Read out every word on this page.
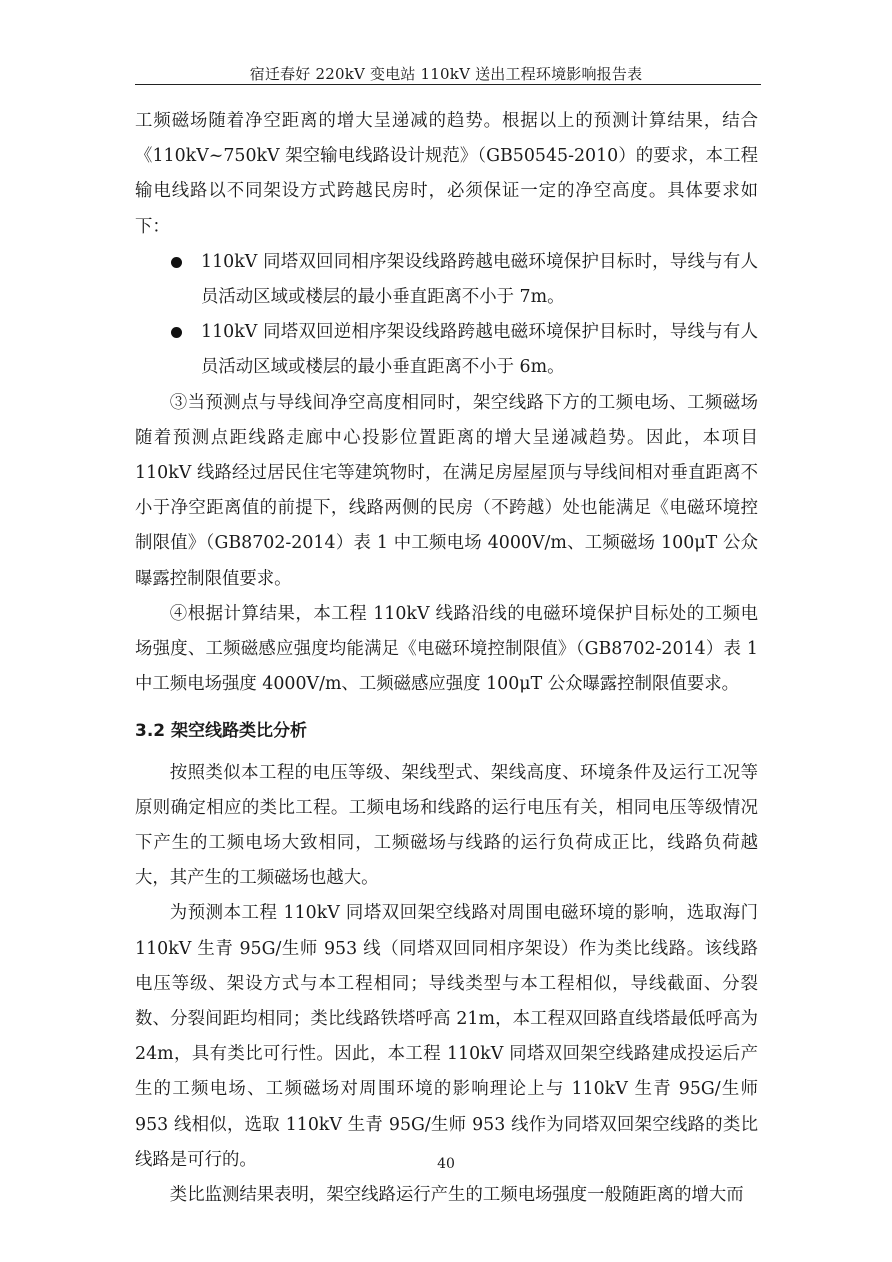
宿迁春好 220kV 变电站 110kV 送出工程环境影响报告表

工频磁场随着净空距离的增大呈递减的趋势。根据以上的预测计算结果，结合《110kV~750kV 架空输电线路设计规范》（GB50545-2010）的要求，本工程输电线路以不同架设方式跨越民房时，必须保证一定的净空高度。具体要求如下：

110kV 同塔双回同相序架设线路跨越电磁环境保护目标时，导线与有人员活动区域或楼层的最小垂直距离不小于 7m。

110kV 同塔双回逆相序架设线路跨越电磁环境保护目标时，导线与有人员活动区域或楼层的最小垂直距离不小于 6m。

③当预测点与导线间净空高度相同时，架空线路下方的工频电场、工频磁场随着预测点距线路走廊中心投影位置距离的增大呈递减趋势。因此，本项目 110kV 线路经过居民住宅等建筑物时，在满足房屋屋顶与导线间相对垂直距离不小于净空距离值的前提下，线路两侧的民房（不跨越）处也能满足《电磁环境控制限值》（GB8702-2014）表 1 中工频电场 4000V/m、工频磁场 100μT 公众曝露控制限值要求。

④根据计算结果，本工程 110kV 线路沿线的电磁环境保护目标处的工频电场强度、工频磁感应强度均能满足《电磁环境控制限值》（GB8702-2014）表 1 中工频电场强度 4000V/m、工频磁感应强度 100μT 公众曝露控制限值要求。

3.2 架空线路类比分析

按照类似本工程的电压等级、架线型式、架线高度、环境条件及运行工况等原则确定相应的类比工程。工频电场和线路的运行电压有关，相同电压等级情况下产生的工频电场大致相同，工频磁场与线路的运行负荷成正比，线路负荷越大，其产生的工频磁场也越大。

为预测本工程 110kV 同塔双回架空线路对周围电磁环境的影响，选取海门 110kV 生青 95G/生师 953 线（同塔双回同相序架设）作为类比线路。该线路电压等级、架设方式与本工程相同；导线类型与本工程相似，导线截面、分裂数、分裂间距均相同；类比线路铁塔呼高 21m，本工程双回路直线塔最低呼高为 24m，具有类比可行性。因此，本工程 110kV 同塔双回架空线路建成投运后产生的工频电场、工频磁场对周围环境的影响理论上与 110kV 生青 95G/生师 953 线相似，选取 110kV 生青 95G/生师 953 线作为同塔双回架空线路的类比线路是可行的。

类比监测结果表明，架空线路运行产生的工频电场强度一般随距离的增大而

40
